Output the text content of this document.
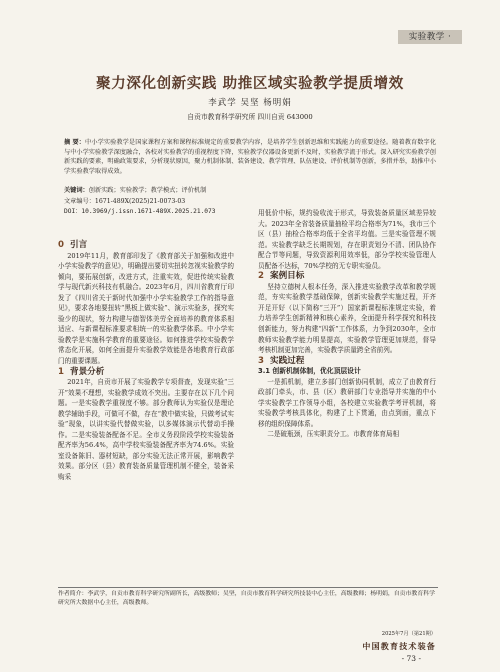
实验教学 ·
聚力深化创新实践 助推区域实验教学提质增效
李武学 吴坚 杨明娟
自贡市教育科学研究所 四川自贡 643000
摘 要：中小学实验教学是国家课程方案和课程标准规定的重要教学内容，是培养学生创新思维和实践能力的重要途径。随着教育数字化与中小学实验教学深度融合，各校对实验教学的重视程度下降，实验教学仅器设备更新不及时，实验教学流于形式。深入研究实验教学创新实践的要素，明确政策要求，分析现状原因，聚力机制体制、装备建设、教学管理、队伍建设、评价机制等创新，多措并举，助推中小学实验教学取得成效。
关键词：创新实践；实验教学；教学模式；评价机制
文章编号：1671-489X(2025)21-0073-03
DOI：10.3969/j.issn.1671-489X.2025.21.073

0 引言

2019年11月，教育部印发了《教育部关于加强和改进中小学实验教学的意见》，明确提出要切实扭转忽视实验教学的倾向，要拓展创新，改进方式，注重实效，促进传统实验教学与现代新兴科技有机融合。2023年6月，四川省教育厅印发了《四川省关于新时代加强中小学实验教学工作的指导意见》，要求各地要扭转“黑板上做实验”、演示实验多，探究实验少的现状，努力构建与德智体美劳全面培养的教育体系相适应、与新课程标准要求相统一的实验教学体系。中小学实验教学是实施科学教育的重要途径。如何推进学校实验教学常态化开展，如何全面提升实验教学效能是各地教育行政部门的重要课题。

1 背景分析

2021年，自贡市开展了实验教学专项督查，发现实验“三开”效果不理想，实验教学成效不突出。主要存在以下几个问题。一是实验教学重视度不够。部分教师认为实验仅是理论教学辅助手段，可做可不做，存在“教中做实验，只做考试实验”现象，以讲实验代替做实验，以多媒体演示代替动手操作。二是实验装备配备不足。全市义务段阶段学校实验装备配齐率为56.4%，高中学校实验装备配齐率为74.6%。实验室设备陈旧、器材短缺，部分实验无法正常开展，影响教学效果。部分区（县）教育装备质量管理机制不健全，装备采购采

用低价中标，规约验收流于形式，导致装备质量区域差异较大。2023年全省装备质量抽检平均合格率为71%，我市三个区（县）抽检合格率均低于全省平均值。三是实验管理不规范。实验教学缺乏长期规划，存在职责划分不清、团队协作配合节等问题，导致资源利用效率低，部分学校实验管理人员配备不达标，70%学校的无专职实验员。

2 案例目标

坚持立德树人根本任务，深入推进实验教学改革和教学规范，夯实实验教学基础保障，创新实验教学实施过程，开齐开足开好（以下简称“三开”）国家新课程标准规定实验，着力培养学生创新精神和核心素养，全面提升科学探究和科技创新能力，努力构建“四新”工作体系，力争到2030年，全市教师实验教学能力明显提高，实验教学管理更加规范，督导考核机制更加完善，实验教学质量跨全省前列。

3 实践过程

3.1 创新机制体制，优化顶层设计

一是抓机制，建立多部门创新协同机制，成立了由教育行政部门牵头，市、县（区）教研部门专业指导并实施的中小学实验教学工作领导小组，各校建立实验教学考评机制，将实验教学考核具体化，构建了上下贯通，由点到面，重点下移的组织保障体系。

二是破瓶颈，压实职责分工。市教育体育局相

作者简介：李武学，自贡市教育科学研究所副所长，高级教师；吴坚，自贡市教育科学研究所技装中心主任，高级教师；杨明娟，自贡市教育科学研究所大数据中心主任，高级教师。
2025年7月（第21期）
中国教育技术装备
- 73 -
